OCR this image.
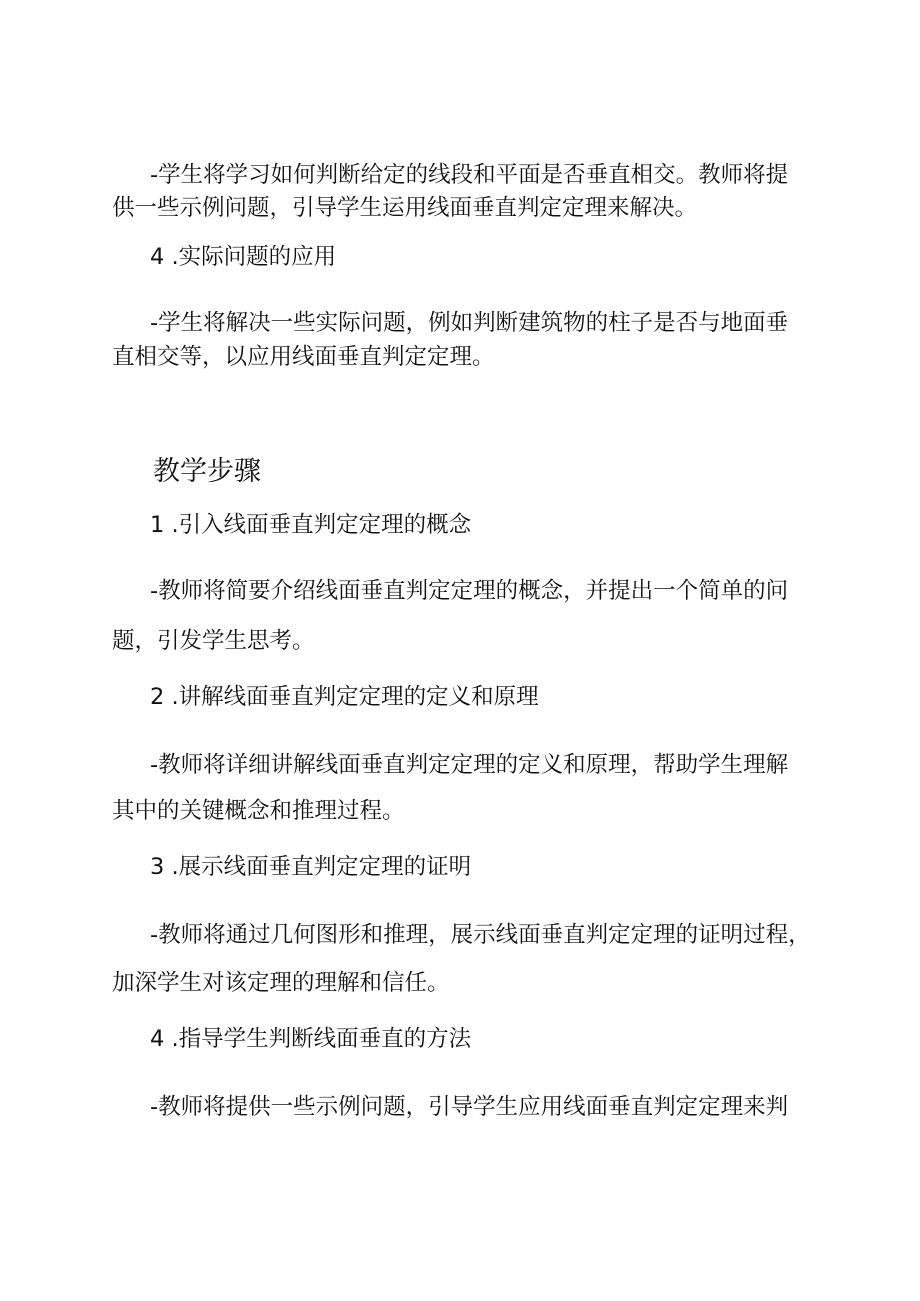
-学生将学习如何判断给定的线段和平面是否垂直相交。教师将提
供一些示例问题，引导学生运用线面垂直判定定理来解决。
4 .实际问题的应用
-学生将解决一些实际问题，例如判断建筑物的柱子是否与地面垂
直相交等，以应用线面垂直判定定理。
教学步骤
1 .引入线面垂直判定定理的概念
-教师将简要介绍线面垂直判定定理的概念，并提出一个简单的问
题，引发学生思考。
2 .讲解线面垂直判定定理的定义和原理
-教师将详细讲解线面垂直判定定理的定义和原理，帮助学生理解
其中的关键概念和推理过程。
3 .展示线面垂直判定定理的证明
-教师将通过几何图形和推理，展示线面垂直判定定理的证明过程，
加深学生对该定理的理解和信任。
4 .指导学生判断线面垂直的方法
-教师将提供一些示例问题，引导学生应用线面垂直判定定理来判
